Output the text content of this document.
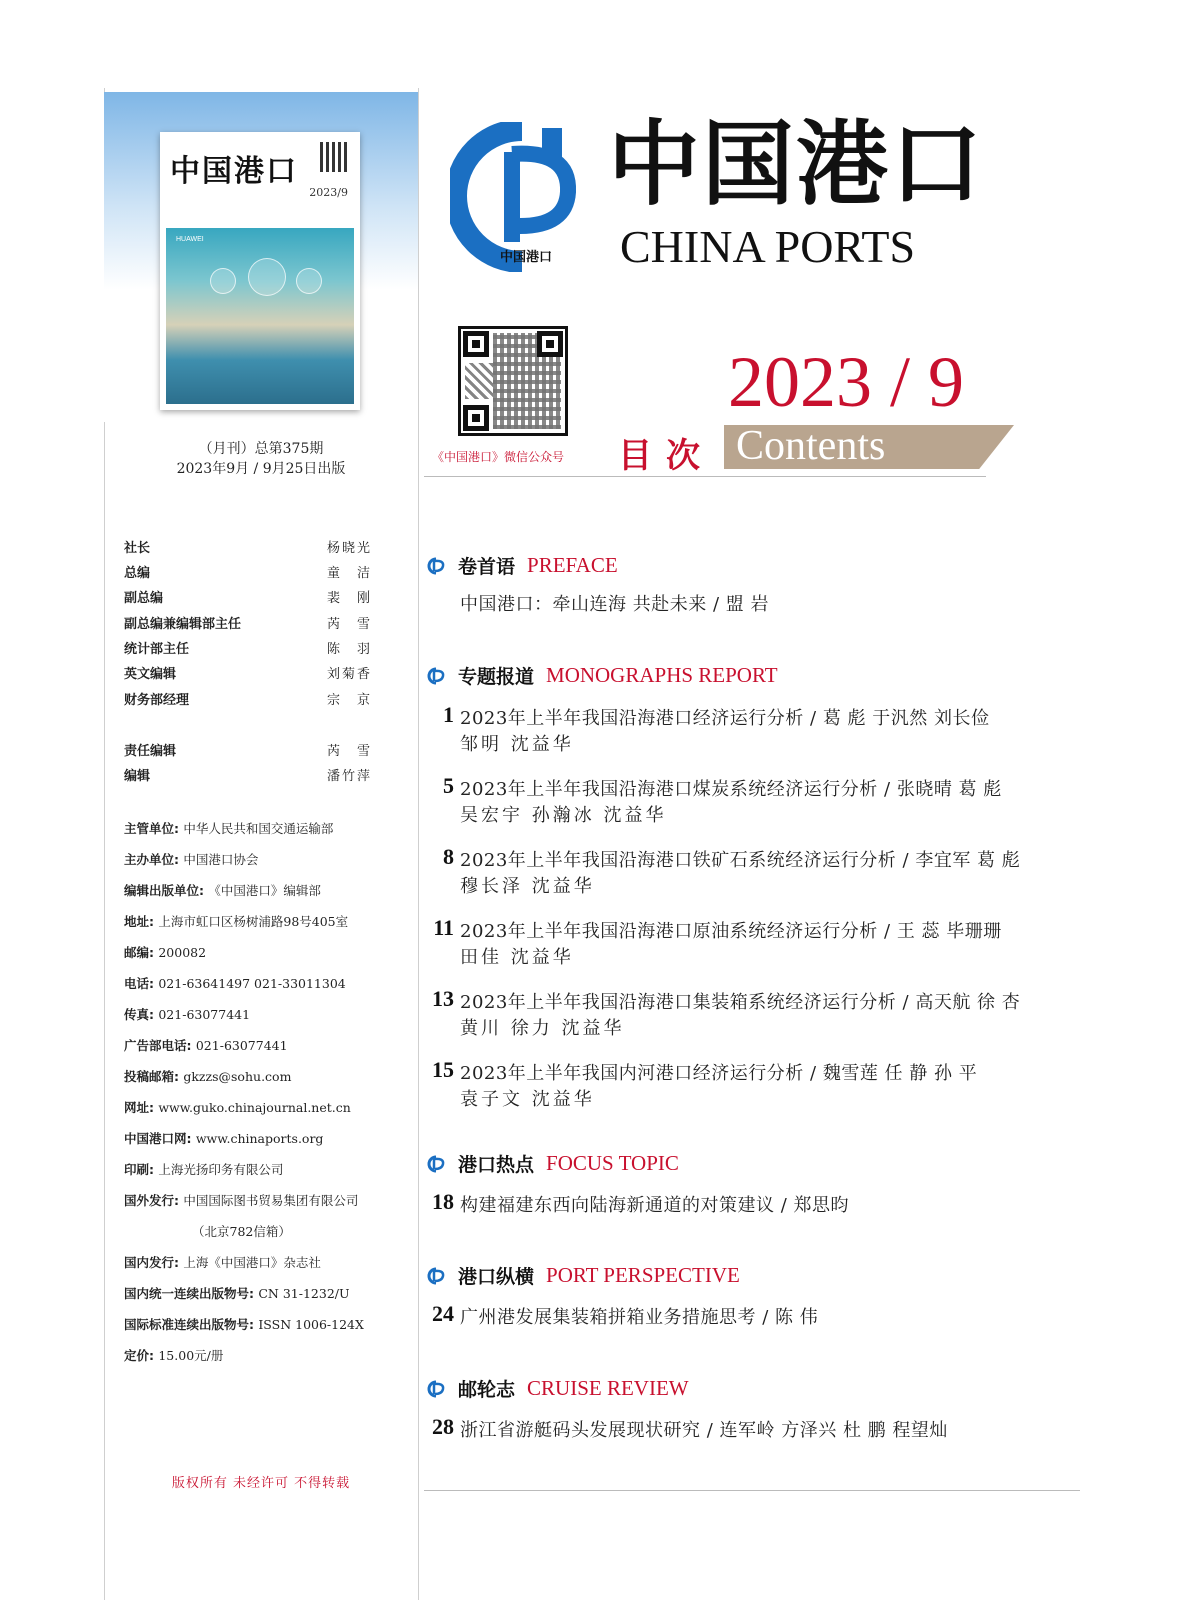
中国港口
2023/9
HUAWEI
（月刊）总第375期
2023年9月 / 9月25日出版
社长	杨晓光
总编	童　洁
副总编	裴　刚
副总编兼编辑部主任	芮　雪
统计部主任	陈　羽
英文编辑	刘菊香
财务部经理	宗　京
责任编辑	芮　雪
编辑	潘竹萍
主管单位: 中华人民共和国交通运输部
主办单位: 中国港口协会
编辑出版单位: 《中国港口》编辑部
地址: 上海市虹口区杨树浦路98号405室
邮编: 200082
电话: 021-63641497 021-33011304
传真: 021-63077441
广告部电话: 021-63077441
投稿邮箱: gkzzs@sohu.com
网址: www.guko.chinajournal.net.cn
中国港口网: www.chinaports.org
印刷: 上海光扬印务有限公司
国外发行: 中国国际图书贸易集团有限公司
（北京782信箱）
国内发行: 上海《中国港口》杂志社
国内统一连续出版物号: CN 31-1232/U
国际标准连续出版物号: ISSN 1006-124X
定价: 15.00元/册
版权所有 未经许可 不得转载
中国港口
中国港口
CHINA PORTS
《中国港口》微信公众号
2023 / 9
目次 Contents
卷首语 PREFACE
中国港口：牵山连海 共赴未来 / 盟 岩
专题报道 MONOGRAPHS REPORT
1 2023年上半年我国沿海港口经济运行分析 / 葛 彪 于汎然 刘长俭
邹明 沈益华
5 2023年上半年我国沿海港口煤炭系统经济运行分析 / 张晓晴 葛 彪
吴宏宇 孙瀚冰 沈益华
8 2023年上半年我国沿海港口铁矿石系统经济运行分析 / 李宜军 葛 彪
穆长泽 沈益华
11 2023年上半年我国沿海港口原油系统经济运行分析 / 王 蕊 毕珊珊
田佳 沈益华
13 2023年上半年我国沿海港口集装箱系统经济运行分析 / 高天航 徐 杏
黄川 徐力 沈益华
15 2023年上半年我国内河港口经济运行分析 / 魏雪莲 任 静 孙 平
袁子文 沈益华
港口热点 FOCUS TOPIC
18 构建福建东西向陆海新通道的对策建议 / 郑思昀
港口纵横 PORT PERSPECTIVE
24 广州港发展集装箱拼箱业务措施思考 / 陈 伟
邮轮志 CRUISE REVIEW
28 浙江省游艇码头发展现状研究 / 连军岭 方泽兴 杜 鹏 程望灿
